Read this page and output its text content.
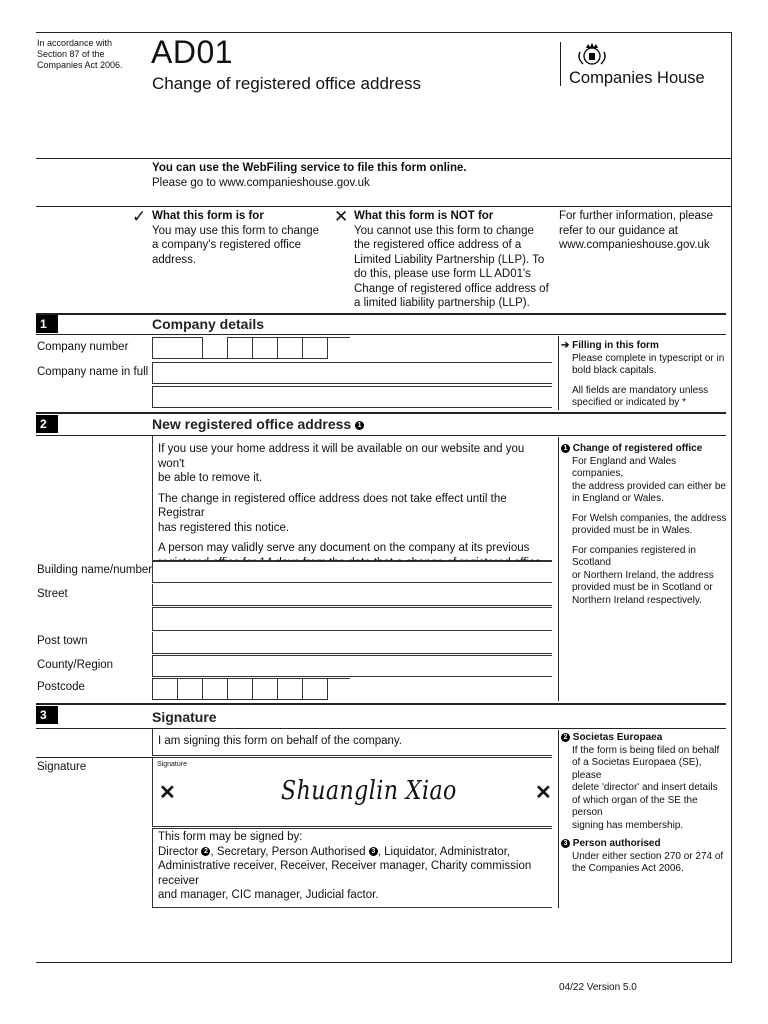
In accordance with
Section 87 of the
Companies Act 2006. AD01
Change of registered office address	Companies House
You can use the WebFiling service to file this form online.
Please go to www.companieshouse.gov.uk
✓ What this form is for
You may use this form to change
a company's registered office
address.
✕ What this form is NOT for
You cannot use this form to change
the registered office address of a
Limited Liability Partnership (LLP). To
do this, please use form LL AD01's
Change of registered office address of
a limited liability partnership (LLP).
For further information, please
refer to our guidance at
www.companieshouse.gov.uk
1	Company details
Company number
Company name in full
➔ Filling in this form
Please complete in typescript or in
bold black capitals.
All fields are mandatory unless
specified or indicated by *
2	New registered office address 1
If you use your home address it will be available on our website and you won't
be able to remove it.
The change in registered office address does not take effect until the Registrar
has registered this notice.
A person may validly serve any document on the company at its previous
Building name/number
Street
Post town
County/Region
Postcode
1 Change of registered office
For England and Wales companies,
the address provided can either be
in England or Wales.
For Welsh companies, the address
provided must be in Wales.
For companies registered in Scotland
or Northern Ireland, the address
provided must be in Scotland or
Northern Ireland respectively.
3	Signature
I am signing this form on behalf of the company.
Signature	Signature
✕	Shuanglin Xiao	✕
This form may be signed by:
Director 2 , Secretary, Person Authorised 3 , Liquidator, Administrator,
Administrative receiver, Receiver, Receiver manager, Charity commission receiver
and manager, CIC manager, Judicial factor.
2 Societas Europaea
If the form is being filed on behalf
of a Societas Europaea (SE), please
delete 'director' and insert details
of which organ of the SE the person
signing has membership.
3 Person authorised
Under either section 270 or 274 of
the Companies Act 2006.
04/22 Version 5.0
